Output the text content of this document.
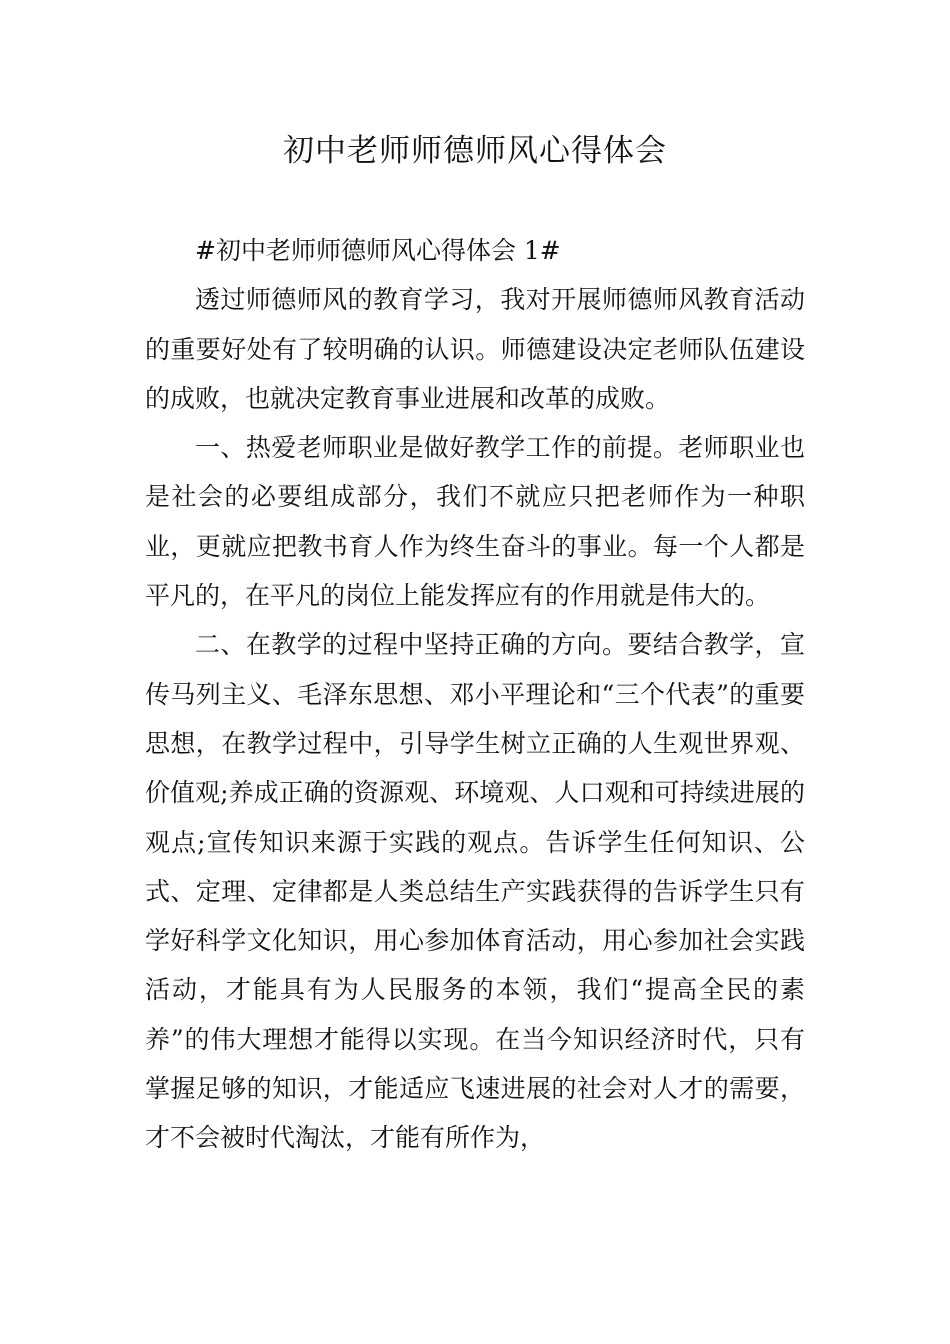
初中老师师德师风心得体会

#初中老师师德师风心得体会 1#

透过师德师风的教育学习，我对开展师德师风教育活动的重要好处有了较明确的认识。师德建设决定老师队伍建设的成败，也就决定教育事业进展和改革的成败。

一、热爱老师职业是做好教学工作的前提。老师职业也是社会的必要组成部分，我们不就应只把老师作为一种职业，更就应把教书育人作为终生奋斗的事业。每一个人都是平凡的，在平凡的岗位上能发挥应有的作用就是伟大的。

二、在教学的过程中坚持正确的方向。要结合教学，宣传马列主义、毛泽东思想、邓小平理论和“三个代表”的重要思想，在教学过程中，引导学生树立正确的人生观世界观、价值观;养成正确的资源观、环境观、人口观和可持续进展的观点;宣传知识来源于实践的观点。告诉学生任何知识、公式、定理、定律都是人类总结生产实践获得的告诉学生只有学好科学文化知识，用心参加体育活动，用心参加社会实践活动，才能具有为人民服务的本领，我们“提高全民的素养”的伟大理想才能得以实现。在当今知识经济时代，只有掌握足够的知识，才能适应飞速进展的社会对人才的需要，才不会被时代淘汰，才能有所作为，
